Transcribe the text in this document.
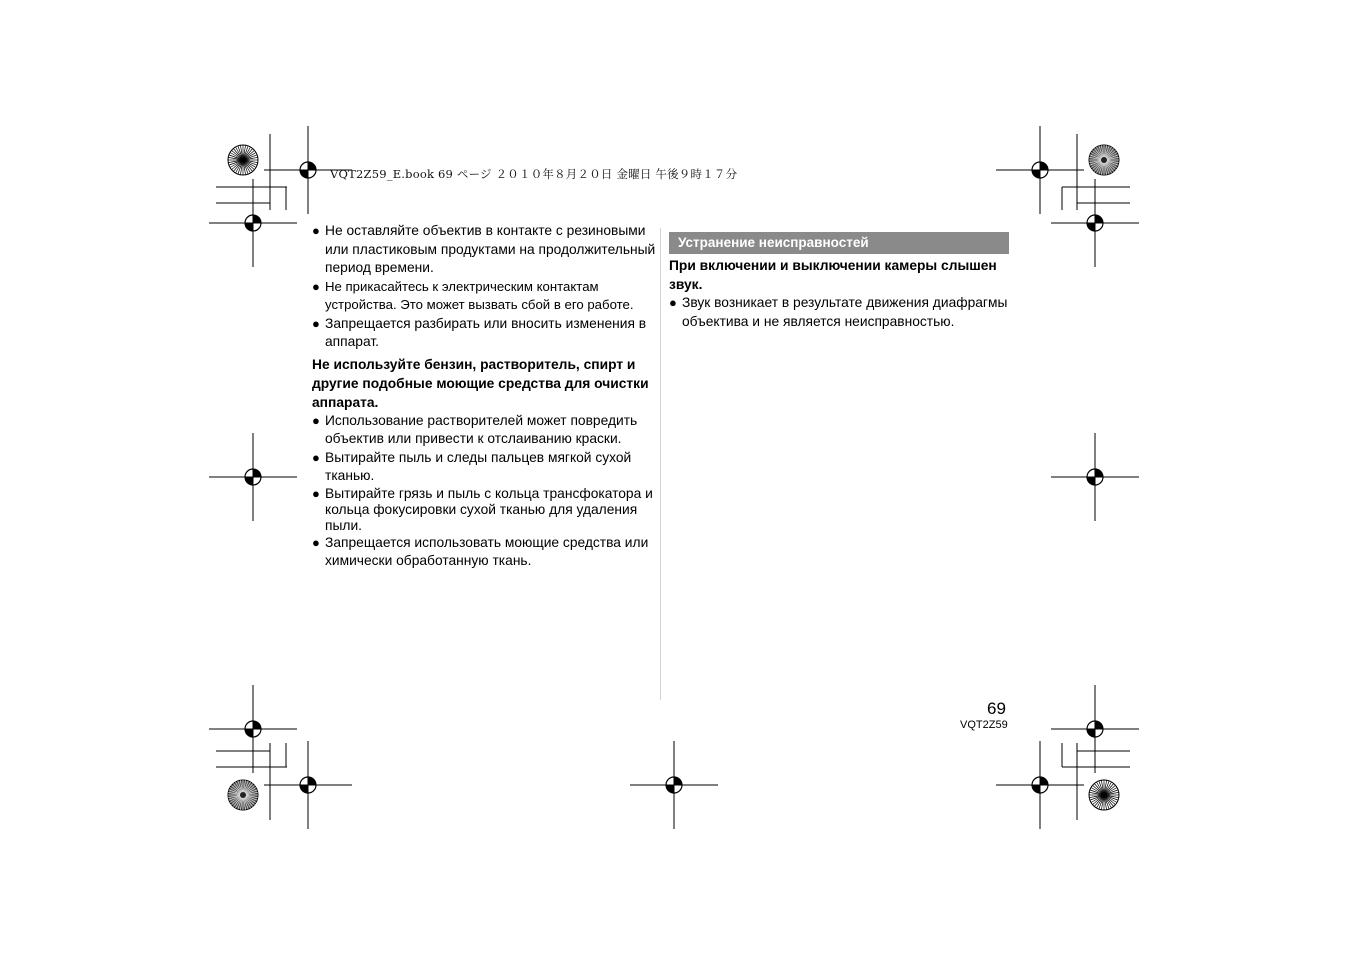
VQT2Z59_E.book 69 ページ ２０１０年８月２０日 金曜日 午後９時１７分
● Не оставляйте объектив в контакте с резиновыми или пластиковым продуктами на продолжительный период времени.
● Не прикасайтесь к электрическим контактам устройства. Это может вызвать сбой в его работе.
● Запрещается разбирать или вносить изменения в аппарат.

Не используйте бензин, растворитель, спирт и другие подобные моющие средства для очистки аппарата.

● Использование растворителей может повредить объектив или привести к отслаиванию краски.
● Вытирайте пыль и следы пальцев мягкой сухой тканью.
● Вытирайте грязь и пыль с кольца трансфокатора и кольца фокусировки сухой тканью для удаления пыли.
● Запрещается использовать моющие средства или химически обработанную ткань.
Устранение неисправностей
При включении и выключении камеры слышен звук.
● Звук возникает в результате движения диафрагмы объектива и не является неисправностью.
69
VQT2Z59
